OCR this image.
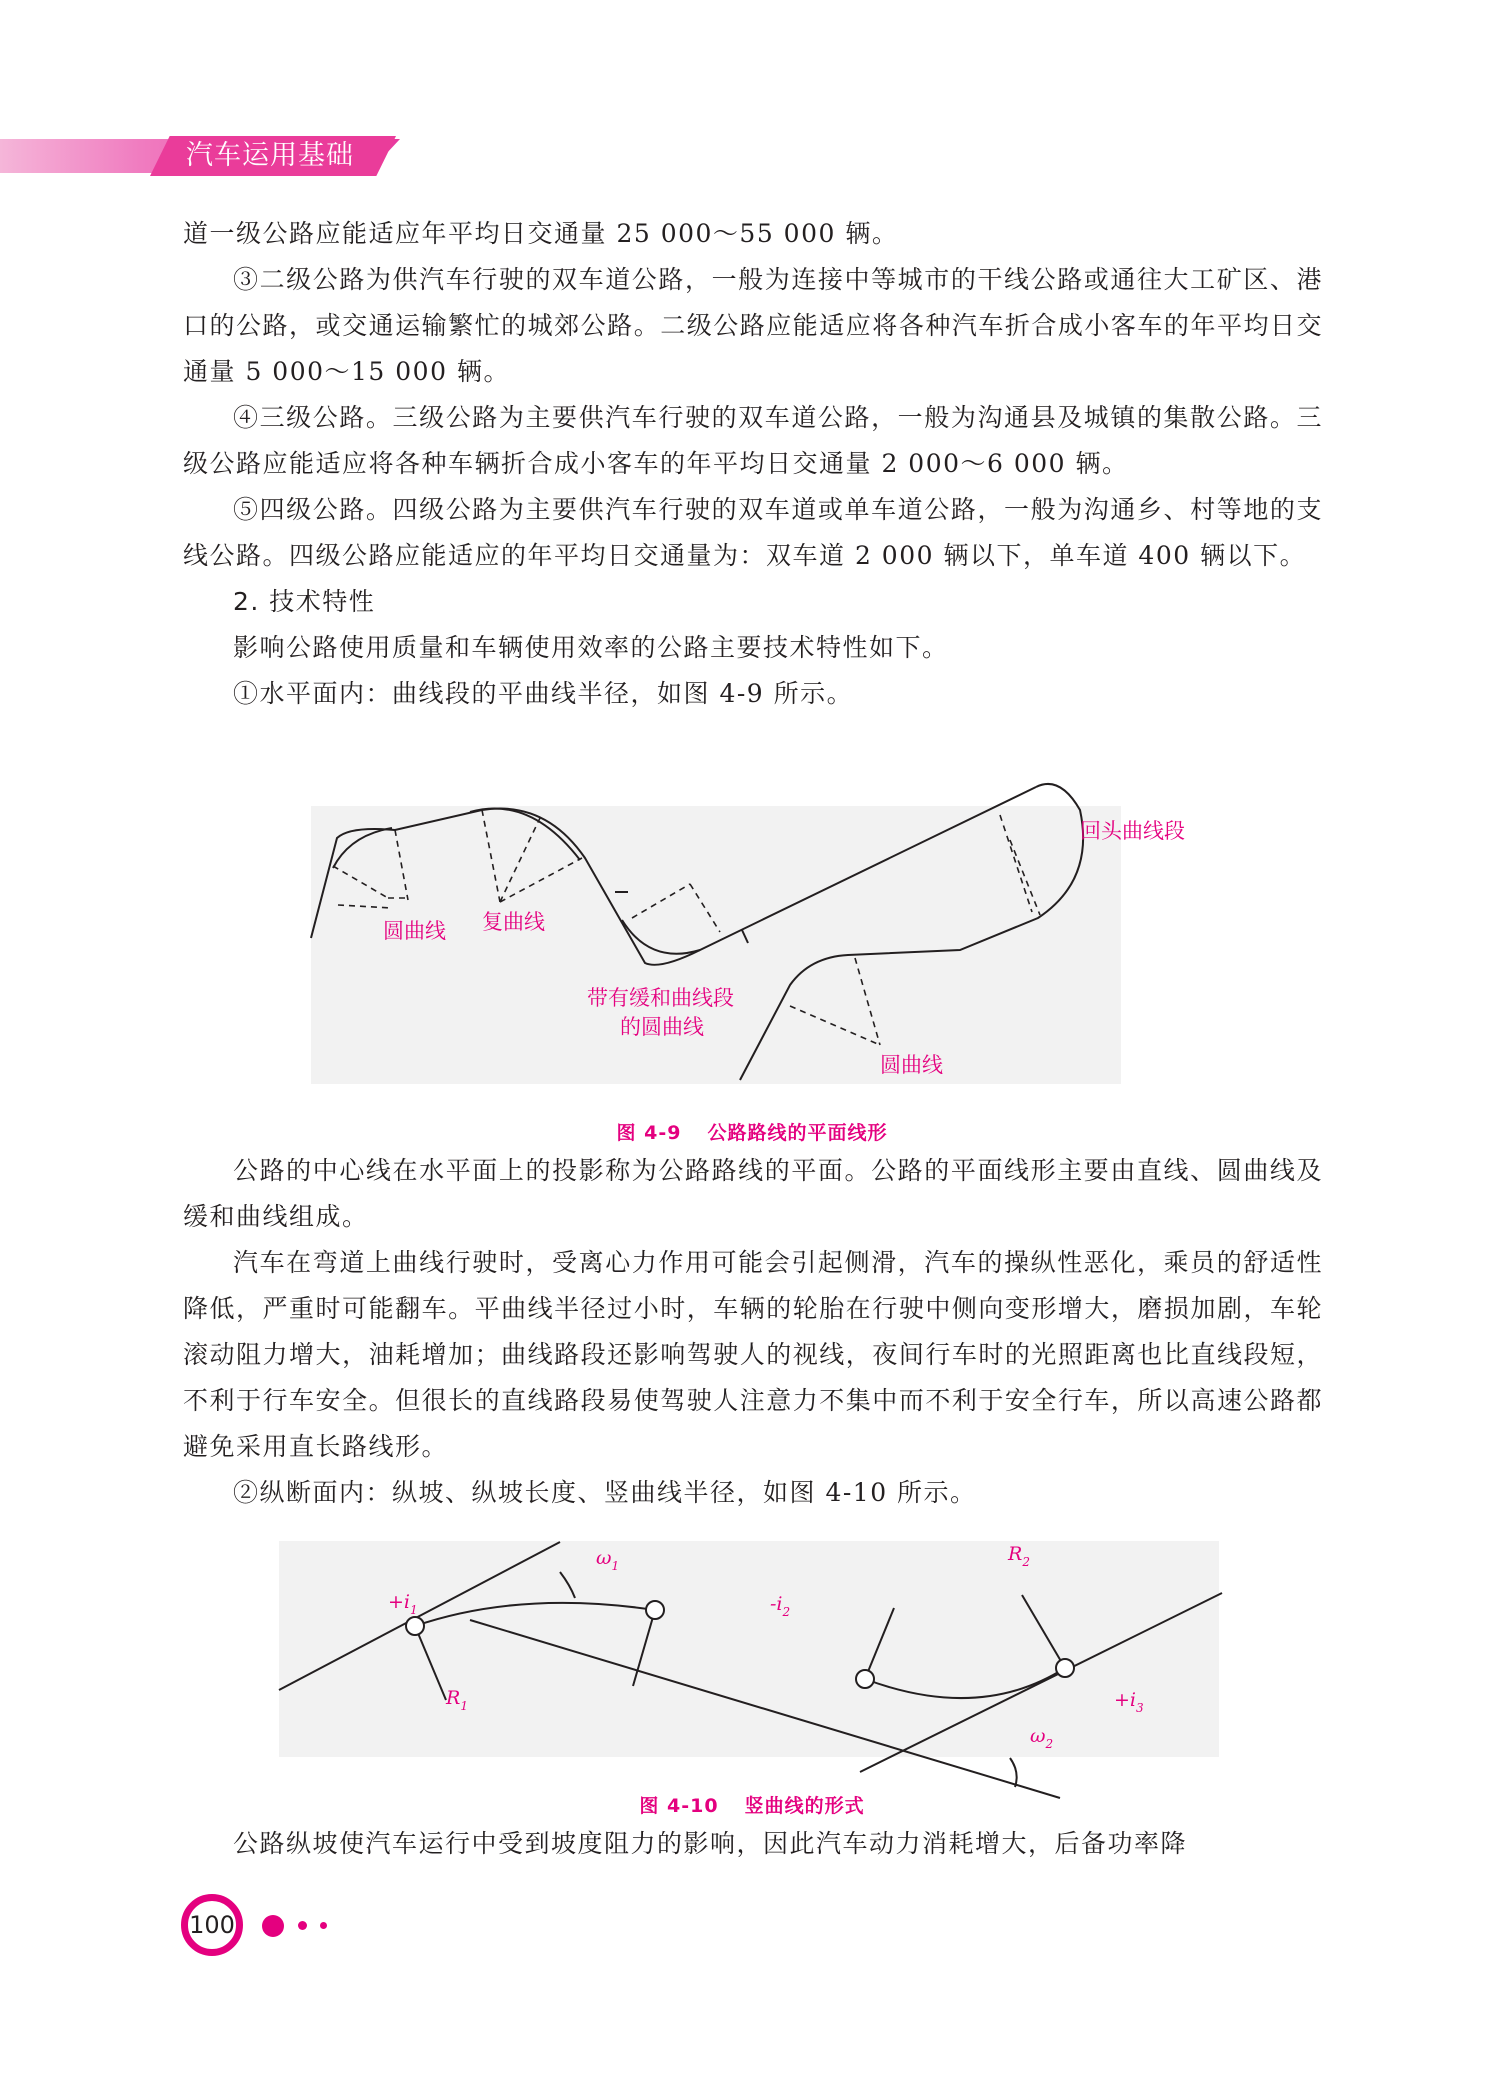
汽车运用基础

道一级公路应能适应年平均日交通量 25 000～55 000 辆。

③二级公路为供汽车行驶的双车道公路，一般为连接中等城市的干线公路或通往大工矿区、港口的公路，或交通运输繁忙的城郊公路。二级公路应能适应将各种汽车折合成小客车的年平均日交通量 5 000～15 000 辆。

④三级公路。三级公路为主要供汽车行驶的双车道公路，一般为沟通县及城镇的集散公路。三级公路应能适应将各种车辆折合成小客车的年平均日交通量 2 000～6 000 辆。

⑤四级公路。四级公路为主要供汽车行驶的双车道或单车道公路，一般为沟通乡、村等地的支线公路。四级公路应能适应的年平均日交通量为：双车道 2 000 辆以下，单车道 400 辆以下。

2. 技术特性

影响公路使用质量和车辆使用效率的公路主要技术特性如下。

①水平面内：曲线段的平曲线半径，如图 4-9 所示。

圆曲线 复曲线
带有缓和曲线段
的圆曲线
回头曲线段
圆曲线
图 4-9 公路路线的平面线形

公路的中心线在水平面上的投影称为公路路线的平面。公路的平面线形主要由直线、圆曲线及缓和曲线组成。

汽车在弯道上曲线行驶时，受离心力作用可能会引起侧滑，汽车的操纵性恶化，乘员的舒适性降低，严重时可能翻车。平曲线半径过小时，车辆的轮胎在行驶中侧向变形增大，磨损加剧，车轮滚动阻力增大，油耗增加；曲线路段还影响驾驶人的视线，夜间行车时的光照距离也比直线段短，不利于行车安全。但很长的直线路段易使驾驶人注意力不集中而不利于安全行车，所以高速公路都避免采用直长路线形。

②纵断面内：纵坡、纵坡长度、竖曲线半径，如图 4-10 所示。

$+i_1$
$\omega_1$
$-i_2$
$R_1$
$R_2$
$+i_3$
$\omega_2$
图 4-10 竖曲线的形式

公路纵坡使汽车运行中受到坡度阻力的影响，因此汽车动力消耗增大，后备功率降

100
